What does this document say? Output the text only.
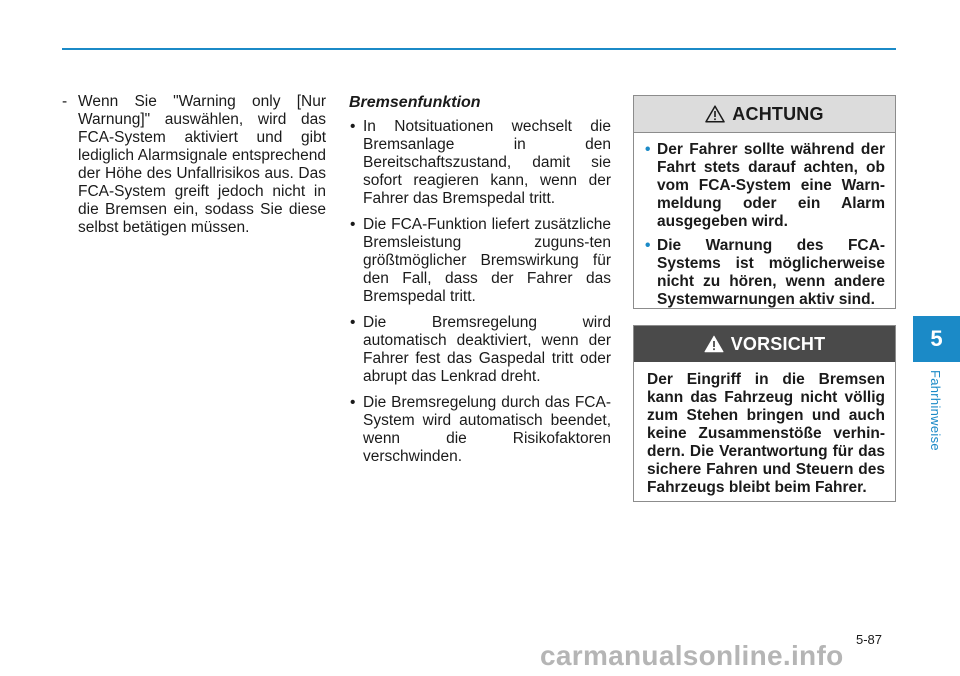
- Wenn Sie "Warning only [Nur Warnung]" auswählen, wird das FCA-System aktiviert und gibt lediglich Alarmsignale entsprechend der Höhe des Unfallrisikos aus. Das FCA-System greift jedoch nicht in die Bremsen ein, sodass Sie diese selbst betätigen müssen.
Bremsenfunktion
• In Notsituationen wechselt die Bremsanlage in den Bereitschaftszustand, damit sie sofort reagieren kann, wenn der Fahrer das Bremspedal tritt.
• Die FCA-Funktion liefert zusätzliche Bremsleistung zuguns-ten größtmöglicher Bremswirkung für den Fall, dass der Fahrer das Bremspedal tritt.
• Die Bremsregelung wird automatisch deaktiviert, wenn der Fahrer fest das Gaspedal tritt oder abrupt das Lenkrad dreht.
• Die Bremsregelung durch das FCA-System wird automatisch beendet, wenn die Risikofaktoren verschwinden.
ACHTUNG
• Der Fahrer sollte während der Fahrt stets darauf achten, ob vom FCA-System eine Warn-meldung oder ein Alarm ausgegeben wird.
• Die Warnung des FCA-Systems ist möglicherweise nicht zu hören, wenn andere Systemwarnungen aktiv sind.
VORSICHT
Der Eingriff in die Bremsen kann das Fahrzeug nicht völlig zum Stehen bringen und auch keine Zusammenstöße verhin-dern. Die Verantwortung für das sichere Fahren und Steuern des Fahrzeugs bleibt beim Fahrer.
5
Fahrhinweise
5-87
carmanualsonline.info
